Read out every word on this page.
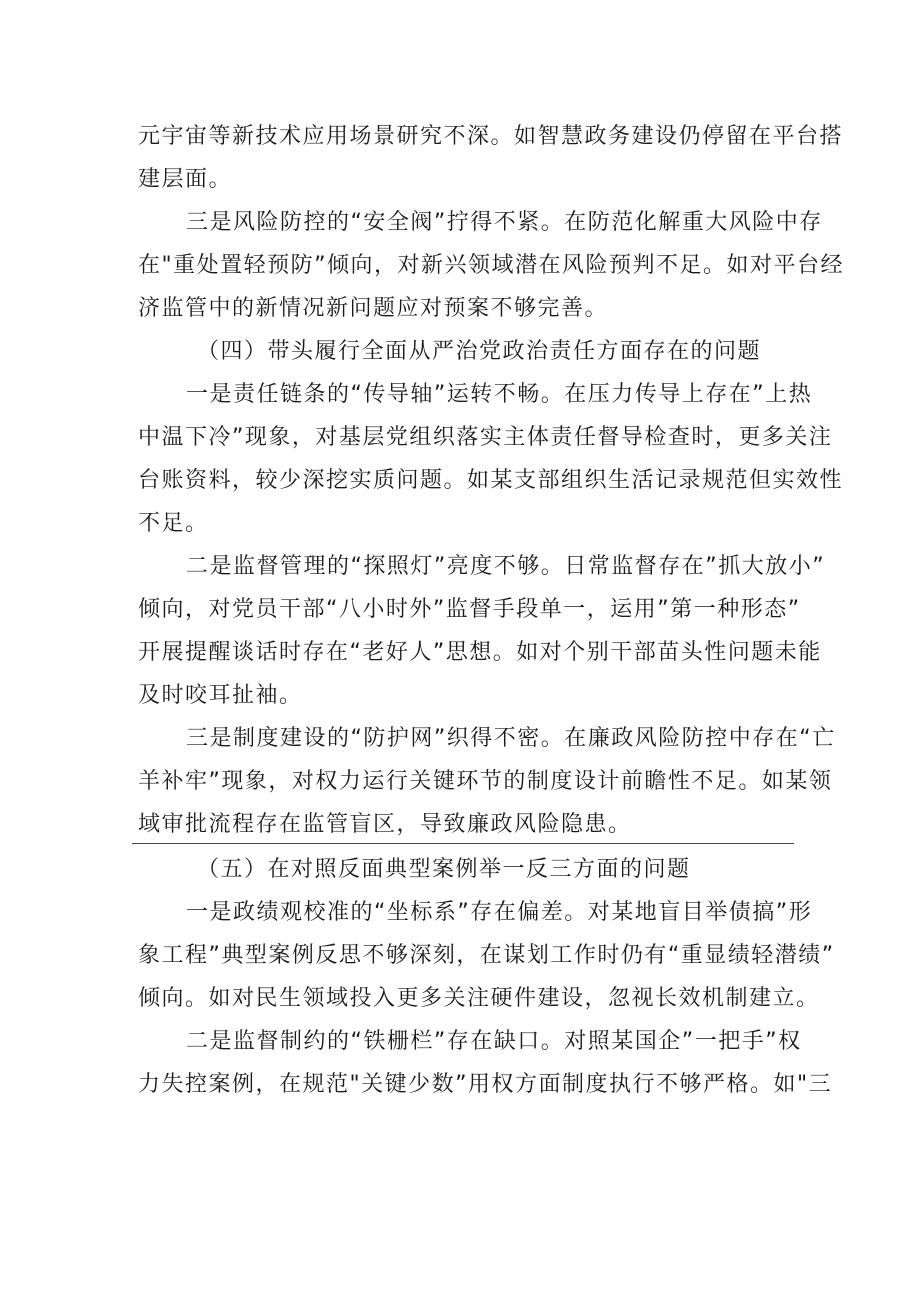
元宇宙等新技术应用场景研究不深。如智慧政务建设仍停留在平台搭
建层面。
三是风险防控的“安全阀”拧得不紧。在防范化解重大风险中存
在"重处置轻预防”倾向，对新兴领域潜在风险预判不足。如对平台经
济监管中的新情况新问题应对预案不够完善。
（四）带头履行全面从严治党政治责任方面存在的问题
一是责任链条的“传导轴”运转不畅。在压力传导上存在”上热
中温下冷”现象，对基层党组织落实主体责任督导检查时，更多关注
台账资料，较少深挖实质问题。如某支部组织生活记录规范但实效性
不足。
二是监督管理的“探照灯”亮度不够。日常监督存在”抓大放小”
倾向，对党员干部“八小时外”监督手段单一，运用”第一种形态”
开展提醒谈话时存在“老好人”思想。如对个别干部苗头性问题未能
及时咬耳扯袖。
三是制度建设的“防护网”织得不密。在廉政风险防控中存在“亡
羊补牢”现象，对权力运行关键环节的制度设计前瞻性不足。如某领
域审批流程存在监管盲区，导致廉政风险隐患。
（五）在对照反面典型案例举一反三方面的问题
一是政绩观校准的“坐标系”存在偏差。对某地盲目举债搞”形
象工程”典型案例反思不够深刻，在谋划工作时仍有“重显绩轻潜绩”
倾向。如对民生领域投入更多关注硬件建设，忽视长效机制建立。
二是监督制约的“铁栅栏”存在缺口。对照某国企”一把手”权
力失控案例，在规范"关键少数”用权方面制度执行不够严格。如"三
